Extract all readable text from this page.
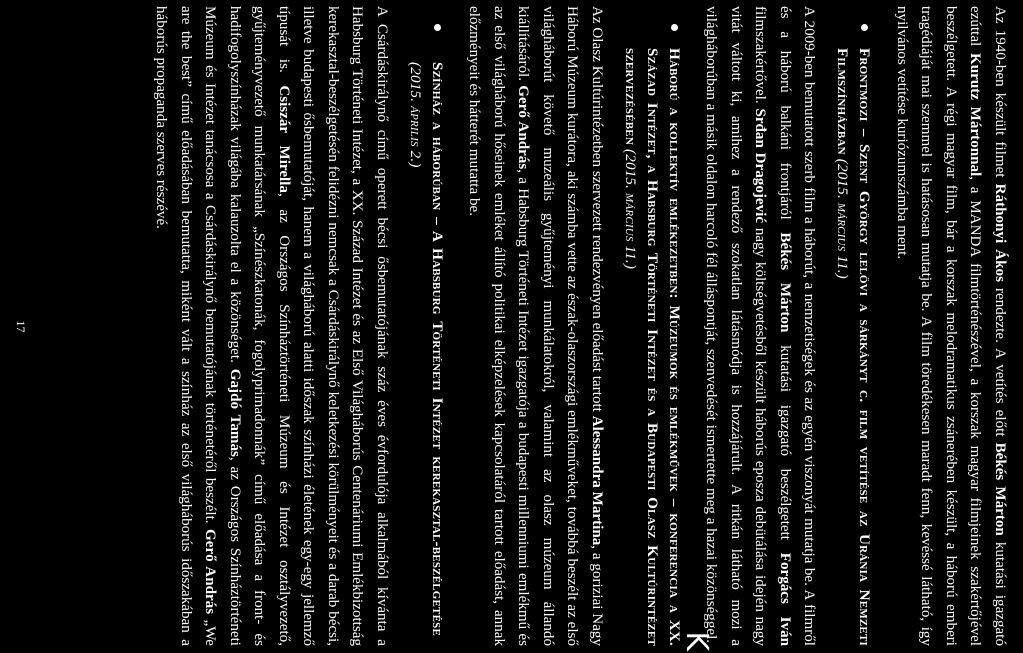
Az 1940-ben készült filmet Ráthonyi Ákos rendezte. A vetítés előtt Békés Márton kutatási igazgató ezúttal Kurutz Mártonnal, a MANDA filmtörténészével, a korszak magyar filmjeinek szakértőjével beszélgetett. A régi magyar film, bár a korszak melodramatikus zsánerében készült, a háború emberi tragédiáját mai szemmel is hatásosan mutatja be. A film töredékesen maradt fenn, kevéssé látható, így nyilvános vetítése kuriózumszámba ment.

Frontmozi – Szent György lelövi a sárkányt c. film vetítése az Uránia Nemzeti Filmszínházban (2015. március 11.)

A 2009-ben bemutatott szerb film a háborút, a nemzetiségek és az egyén viszonyát mutatja be. A filmről és a háború balkáni frontjáról Békés Márton kutatási igazgató beszélgetett Forgács Iván filmszakértővel. Srđan Dragojević nagy költségvetésből készült háborús eposza debütálása idején nagy vitát váltott ki, amihez a rendező szokatlan látásmódja is hozzájárult. A ritkán látható mozi a világháborúban a másik oldalon harcoló fél álláspontját, szenvedését ismertette meg a hazai közönséggel.

Háború a kollektív emlékezetben: Múzeumok és emlékművek – konferencia a XX. Század Intézet, a Habsburg Történeti Intézet és a Budapesti Olasz Kultúrintézet szervezésében (2015. március 11.)

Az Olasz Kultúrintézetben szervezett rendezvényen előadást tartott Alessandra Martina, a goriziai Nagy Háború Múzeum kurátora, aki számba vette az észak-olaszországi emlékműveket, továbbá beszélt az első világháborút követő muzeális gyűjteményi munkálatokról, valamint az olasz múzeum állandó kiállításáról. Gerő András, a Habsburg Történeti Intézet igazgatója a budapesti millenniumi emlékmű és az első világháború hőseinek emléket állító politikai elképzelések kapcsolatáról tartott előadást, annak előzményeit és hátterét mutatta be.

Színház a háborúban – A Habsburg Történeti Intézet kerekasztal-beszélgetése (2015. április 2.)

A Csárdáskirálynő című operett bécsi ősbemutatójának száz éves évfordulója alkalmából kívánta a Habsburg Történeti Intézet, a XX. Század Intézet és az Első Világháborús Centenáriumi Emlékbizottság kerekasztal-beszélgetésén felidézni nemcsak a Csárdáskirálynő keletkezési körülményeit és a darab bécsi, illetve budapesti ősbemutatóját, hanem a világháború alatti időszak színházi életének egy-egy jellemző típusát is. Csiszár Mirella, az Országos Színháztörténeti Múzeum és Intézet osztályvezető, gyűjteményvezető munkatársának „Színészkatonák, fogolyprimadonnák” című előadása a front- és hadifogolyszínházak világába kalauzolta el a közönséget. Gajdó Tamás, az Országos Színháztörténeti Múzeum és Intézet tanácsosa a Csárdáskirálynő bemutatójának történetéről beszélt. Gerő András „We are the best” című előadásában bemutatta, miként vált a színház az első világháborús időszakában a háborús propaganda szerves részévé.

17
K
